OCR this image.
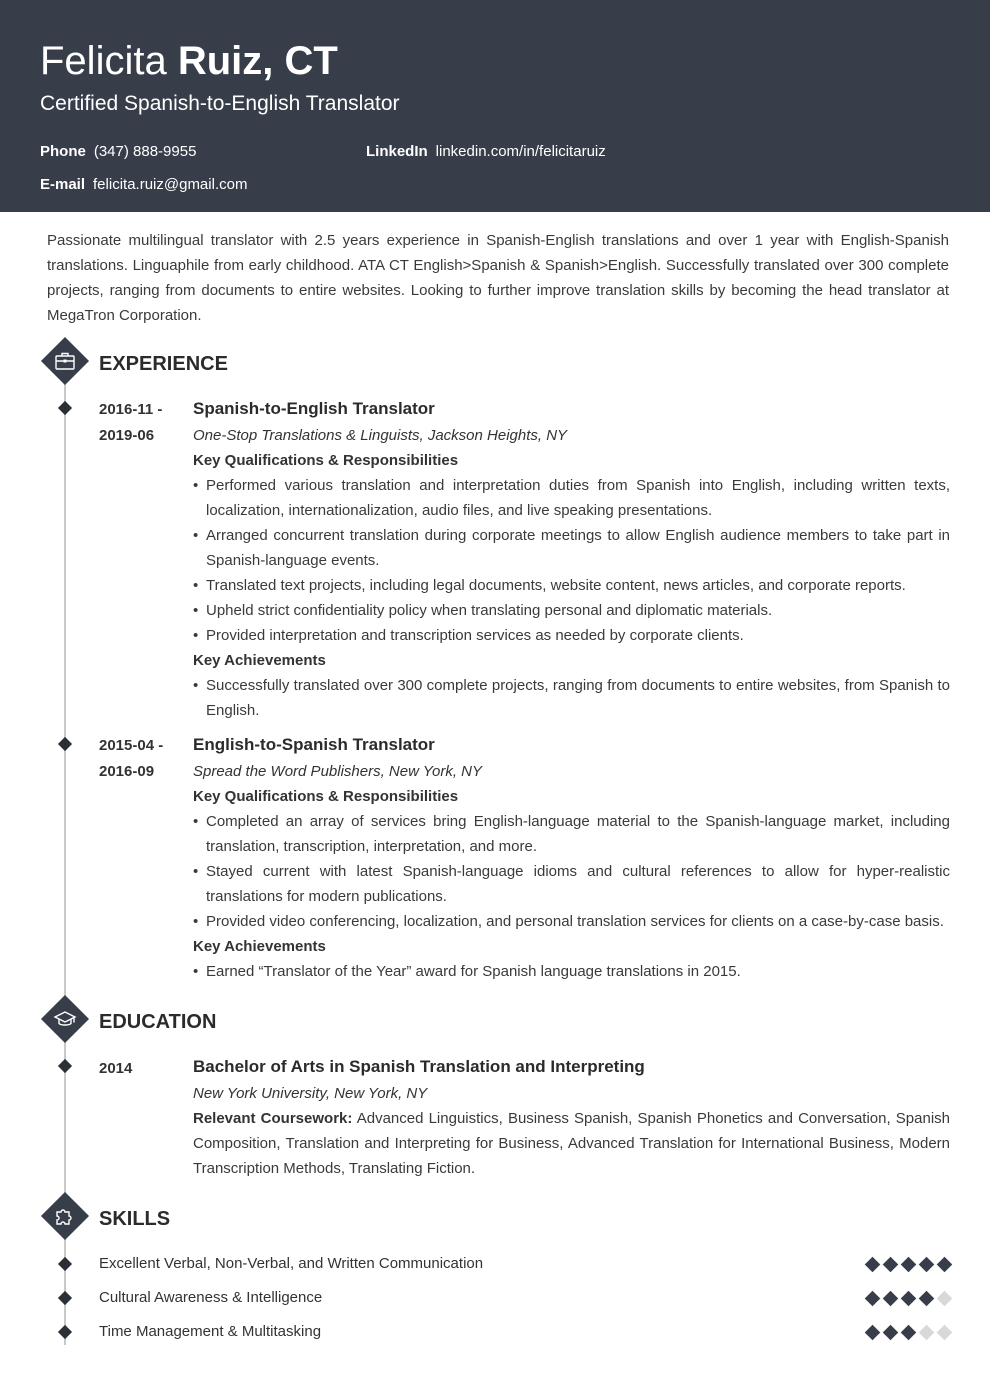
Felicita Ruiz, CT
Certified Spanish-to-English Translator
Phone (347) 888-9955	LinkedIn linkedin.com/in/felicitaruiz
E-mail felicita.ruiz@gmail.com
Passionate multilingual translator with 2.5 years experience in Spanish-English translations and over 1 year with English-Spanish translations. Linguaphile from early childhood. ATA CT English>Spanish & Spanish>English. Successfully translated over 300 complete projects, ranging from documents to entire websites. Looking to further improve translation skills by becoming the head translator at MegaTron Corporation.
EXPERIENCE
2016-11 -
2019-06
Spanish-to-English Translator
One-Stop Translations & Linguists, Jackson Heights, NY
Key Qualifications & Responsibilities
• Performed various translation and interpretation duties from Spanish into English, including written texts, localization, internationalization, audio files, and live speaking presentations.
• Arranged concurrent translation during corporate meetings to allow English audience members to take part in Spanish-language events.
• Translated text projects, including legal documents, website content, news articles, and corporate reports.
• Upheld strict confidentiality policy when translating personal and diplomatic materials.
• Provided interpretation and transcription services as needed by corporate clients.
Key Achievements
• Successfully translated over 300 complete projects, ranging from documents to entire websites, from Spanish to English.
2015-04 -
2016-09
English-to-Spanish Translator
Spread the Word Publishers, New York, NY
Key Qualifications & Responsibilities
• Completed an array of services bring English-language material to the Spanish-language market, including translation, transcription, interpretation, and more.
• Stayed current with latest Spanish-language idioms and cultural references to allow for hyper-realistic translations for modern publications.
• Provided video conferencing, localization, and personal translation services for clients on a case-by-case basis.
Key Achievements
• Earned “Translator of the Year” award for Spanish language translations in 2015.
EDUCATION
2014	Bachelor of Arts in Spanish Translation and Interpreting
New York University, New York, NY
Relevant Coursework: Advanced Linguistics, Business Spanish, Spanish Phonetics and Conversation, Spanish Composition, Translation and Interpreting for Business, Advanced Translation for International Business, Modern Transcription Methods, Translating Fiction.
SKILLS
Excellent Verbal, Non-Verbal, and Written Communication
Cultural Awareness & Intelligence
Time Management & Multitasking
